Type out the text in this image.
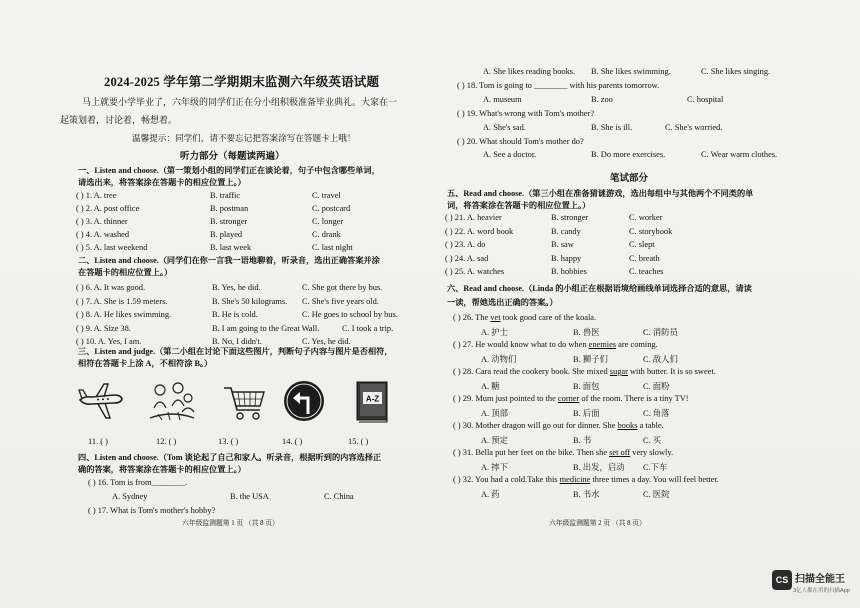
2024-2025 学年第二学期期末监测六年级英语试题
马上就要小学毕业了，六年级的同学们正在分小组积极准备毕业典礼。大家在一
起策划着，讨论着，畅想着。
温馨提示：同学们，请不要忘记把答案涂写在答题卡上哦！
听力部分（每题读两遍）
一、Listen and choose.（第一策划小组的同学们正在谈论着，句子中包含哪些单词，
请选出来，将答案涂在答题卡的相应位置上。）
( ) 1. A. tree	B. traffic	C. travel
( ) 2. A. post office	B. postman	C. postcard
( ) 3. A. thinner	B. stronger	C. longer
( ) 4. A. washed	B. played	C. drank
( ) 5. A. last weekend	B. last week	C. last night
二、Listen and choose.（同学们在你一言我一语地聊着，听录音，选出正确答案并涂
在答题卡的相应位置上。）
( ) 6. A. It was good.	B. Yes, he did.	C. She got there by bus.
( ) 7. A. She is 1.59 meters.	B. She's 50 kilograms. C. She's five years old.
( ) 8. A. He likes swimming.	B. He is cold.	C. He goes to school by bus.
( ) 9. A. Size 38.	B. I am going to the Great Wall.	C. I took a trip.
( ) 10. A. Yes, I am.	B. No, I didn't.	C. Yes, he did.
三、Listen and judge.（第二小组在讨论下面这些图片，判断句子内容与图片是否相符，
相符在答题卡上涂 A，不相符涂 B。）
A-Z
11. ( )	12. ( )	13. ( )	14. ( )	15. ( )
四、Listen and choose.（Tom 谈论起了自己和家人。听录音，根据听到的内容选择正
确的答案，将答案涂在答题卡的相应位置上。）
( ) 16. Tom is from________.
A. Sydney	B. the USA	C. China
( ) 17. What is Tom's mother's hobby?
六年级监测题第 1 页 （共 8 页）
A. She likes reading books. B. She likes swimming.	C. She likes singing.
( ) 18. Tom is going to ________ with his parents tomorrow.
A. museum	B. zoo	C. hospital
( ) 19. What's wrong with Tom's mother?
A. She's sad.	B. She is ill.	C. She's worried.
( ) 20. What should Tom's mother do?
A. See a doctor.	B. Do more exercises.	C. Wear warm clothes.
笔试部分
五、Read and choose.（第三小组在准备猜谜游戏，选出每组中与其他两个不同类的单
词，将答案涂在答题卡的相应位置上。）
( ) 21. A. heavier	B. stronger	C. worker
( ) 22. A. word book	B. candy	C. storybook
( ) 23. A. do	B. saw	C. slept
( ) 24. A. sad	B. happy	C. breath
( ) 25. A. watches	B. hobbies	C. teaches
六、Read and choose.（Linda 的小组正在根据语境给画线单词选择合适的意思，请读
一读，帮她选出正确的答案。）
( ) 26. The vet took good care of the koala.
A. 护士	B. 兽医	C. 消防员
( ) 27. He would know what to do when enemies are coming.
A. 动物们	B. 狮子们	C. 敌人们
( ) 28. Cara read the cookery book. She mixed sugar with butter. It is so sweet.
A. 糖	B. 面包	C. 面粉
( ) 29. Mum just pointed to the corner of the room. There is a tiny TV!
A. 顶部	B. 后面	C. 角落
( ) 30. Mother dragon will go out for dinner. She books a table.
A. 预定	B. 书	C. 买
( ) 31. Bella put her feet on the bike. Then she set off very slowly.
A. 摔下	B. 出发，启动 C.下车
( ) 32. You had a cold.Take this medicine three times a day. You will feel better.
A. 药	B. 书水	C. 医院
六年级监测题第 2 页 （共 8 页）
CS 扫描全能王
3亿人都在用的扫描App
